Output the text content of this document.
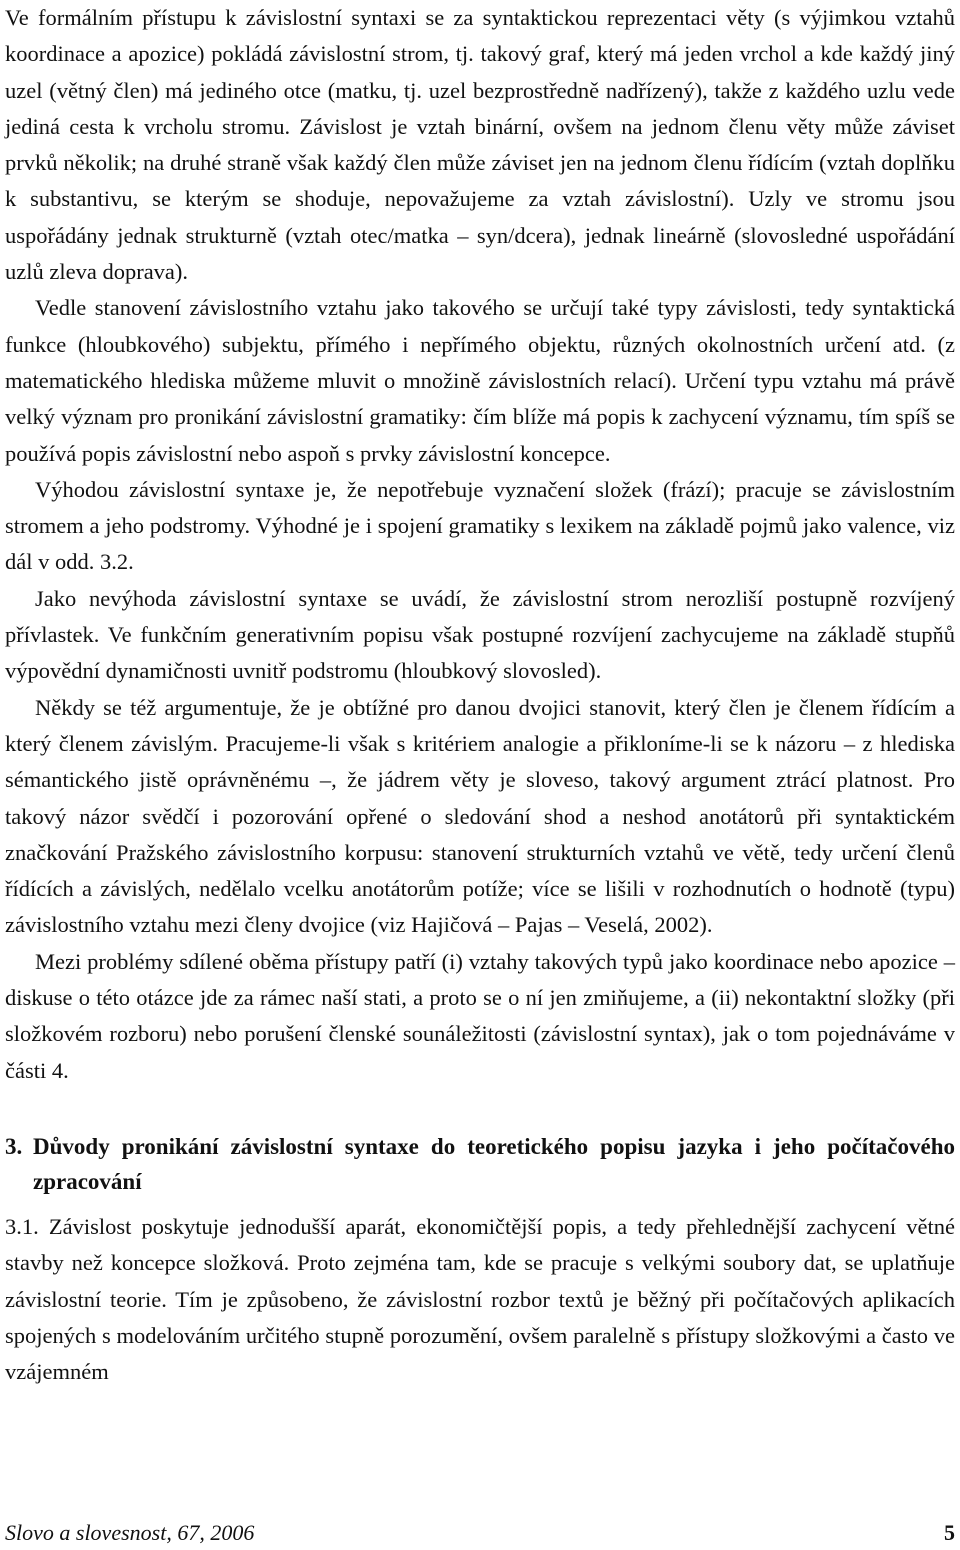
Ve formálním přístupu k závislostní syntaxi se za syntaktickou reprezentaci věty (s výjimkou vztahů koordinace a apozice) pokládá závislostní strom, tj. takový graf, který má jeden vrchol a kde každý jiný uzel (větný člen) má jediného otce (matku, tj. uzel bezprostředně nadřízený), takže z každého uzlu vede jediná cesta k vrcholu stromu. Závislost je vztah binární, ovšem na jednom členu věty může záviset prvků několik; na druhé straně však každý člen může záviset jen na jednom členu řídícím (vztah doplňku k substantivu, se kterým se shoduje, nepovažujeme za vztah závislostní). Uzly ve stromu jsou uspořádány jednak strukturně (vztah otec/matka – syn/dcera), jednak lineárně (slovosledné uspořádání uzlů zleva doprava).

Vedle stanovení závislostního vztahu jako takového se určují také typy závislosti, tedy syntaktická funkce (hloubkového) subjektu, přímého i nepřímého objektu, různých okolnostních určení atd. (z matematického hlediska můžeme mluvit o množině závislostních relací). Určení typu vztahu má právě velký význam pro pronikání závislostní gramatiky: čím blíže má popis k zachycení významu, tím spíš se používá popis závislostní nebo aspoň s prvky závislostní koncepce.

Výhodou závislostní syntaxe je, že nepotřebuje vyznačení složek (frází); pracuje se závislostním stromem a jeho podstromy. Výhodné je i spojení gramatiky s lexikem na základě pojmů jako valence, viz dál v odd. 3.2.

Jako nevýhoda závislostní syntaxe se uvádí, že závislostní strom nerozliší postupně rozvíjený přívlastek. Ve funkčním generativním popisu však postupné rozvíjení zachycujeme na základě stupňů výpovědní dynamičnosti uvnitř podstromu (hloubkový slovosled).

Někdy se též argumentuje, že je obtížné pro danou dvojici stanovit, který člen je členem řídícím a který členem závislým. Pracujeme-li však s kritériem analogie a přikloníme-li se k názoru – z hlediska sémantického jistě oprávněnému –, že jádrem věty je sloveso, takový argument ztrácí platnost. Pro takový názor svědčí i pozorování opřené o sledování shod a neshod anotátorů při syntaktickém značkování Pražského závislostního korpusu: stanovení strukturních vztahů ve větě, tedy určení členů řídících a závislých, nedělalo vcelku anotátorům potíže; více se lišili v rozhodnutích o hodnotě (typu) závislostního vztahu mezi členy dvojice (viz Hajičová – Pajas – Veselá, 2002).

Mezi problémy sdílené oběma přístupy patří (i) vztahy takových typů jako koordinace nebo apozice – diskuse o této otázce jde za rámec naší stati, a proto se o ní jen zmiňujeme, a (ii) nekontaktní složky (při složkovém rozboru) nebo porušení členské sounáležitosti (závislostní syntax), jak o tom pojednáváme v části 4.

3. Důvody pronikání závislostní syntaxe do teoretického popisu jazyka i jeho počítačového zpracování

3.1. Závislost poskytuje jednodušší aparát, ekonomičtější popis, a tedy přehlednější zachycení větné stavby než koncepce složková. Proto zejména tam, kde se pracuje s velkými soubory dat, se uplatňuje závislostní teorie. Tím je způsobeno, že závislostní rozbor textů je běžný při počítačových aplikacích spojených s modelováním určitého stupně porozumění, ovšem paralelně s přístupy složkovými a často ve vzájemném

Slovo a slovesnost, 67, 2006	5
